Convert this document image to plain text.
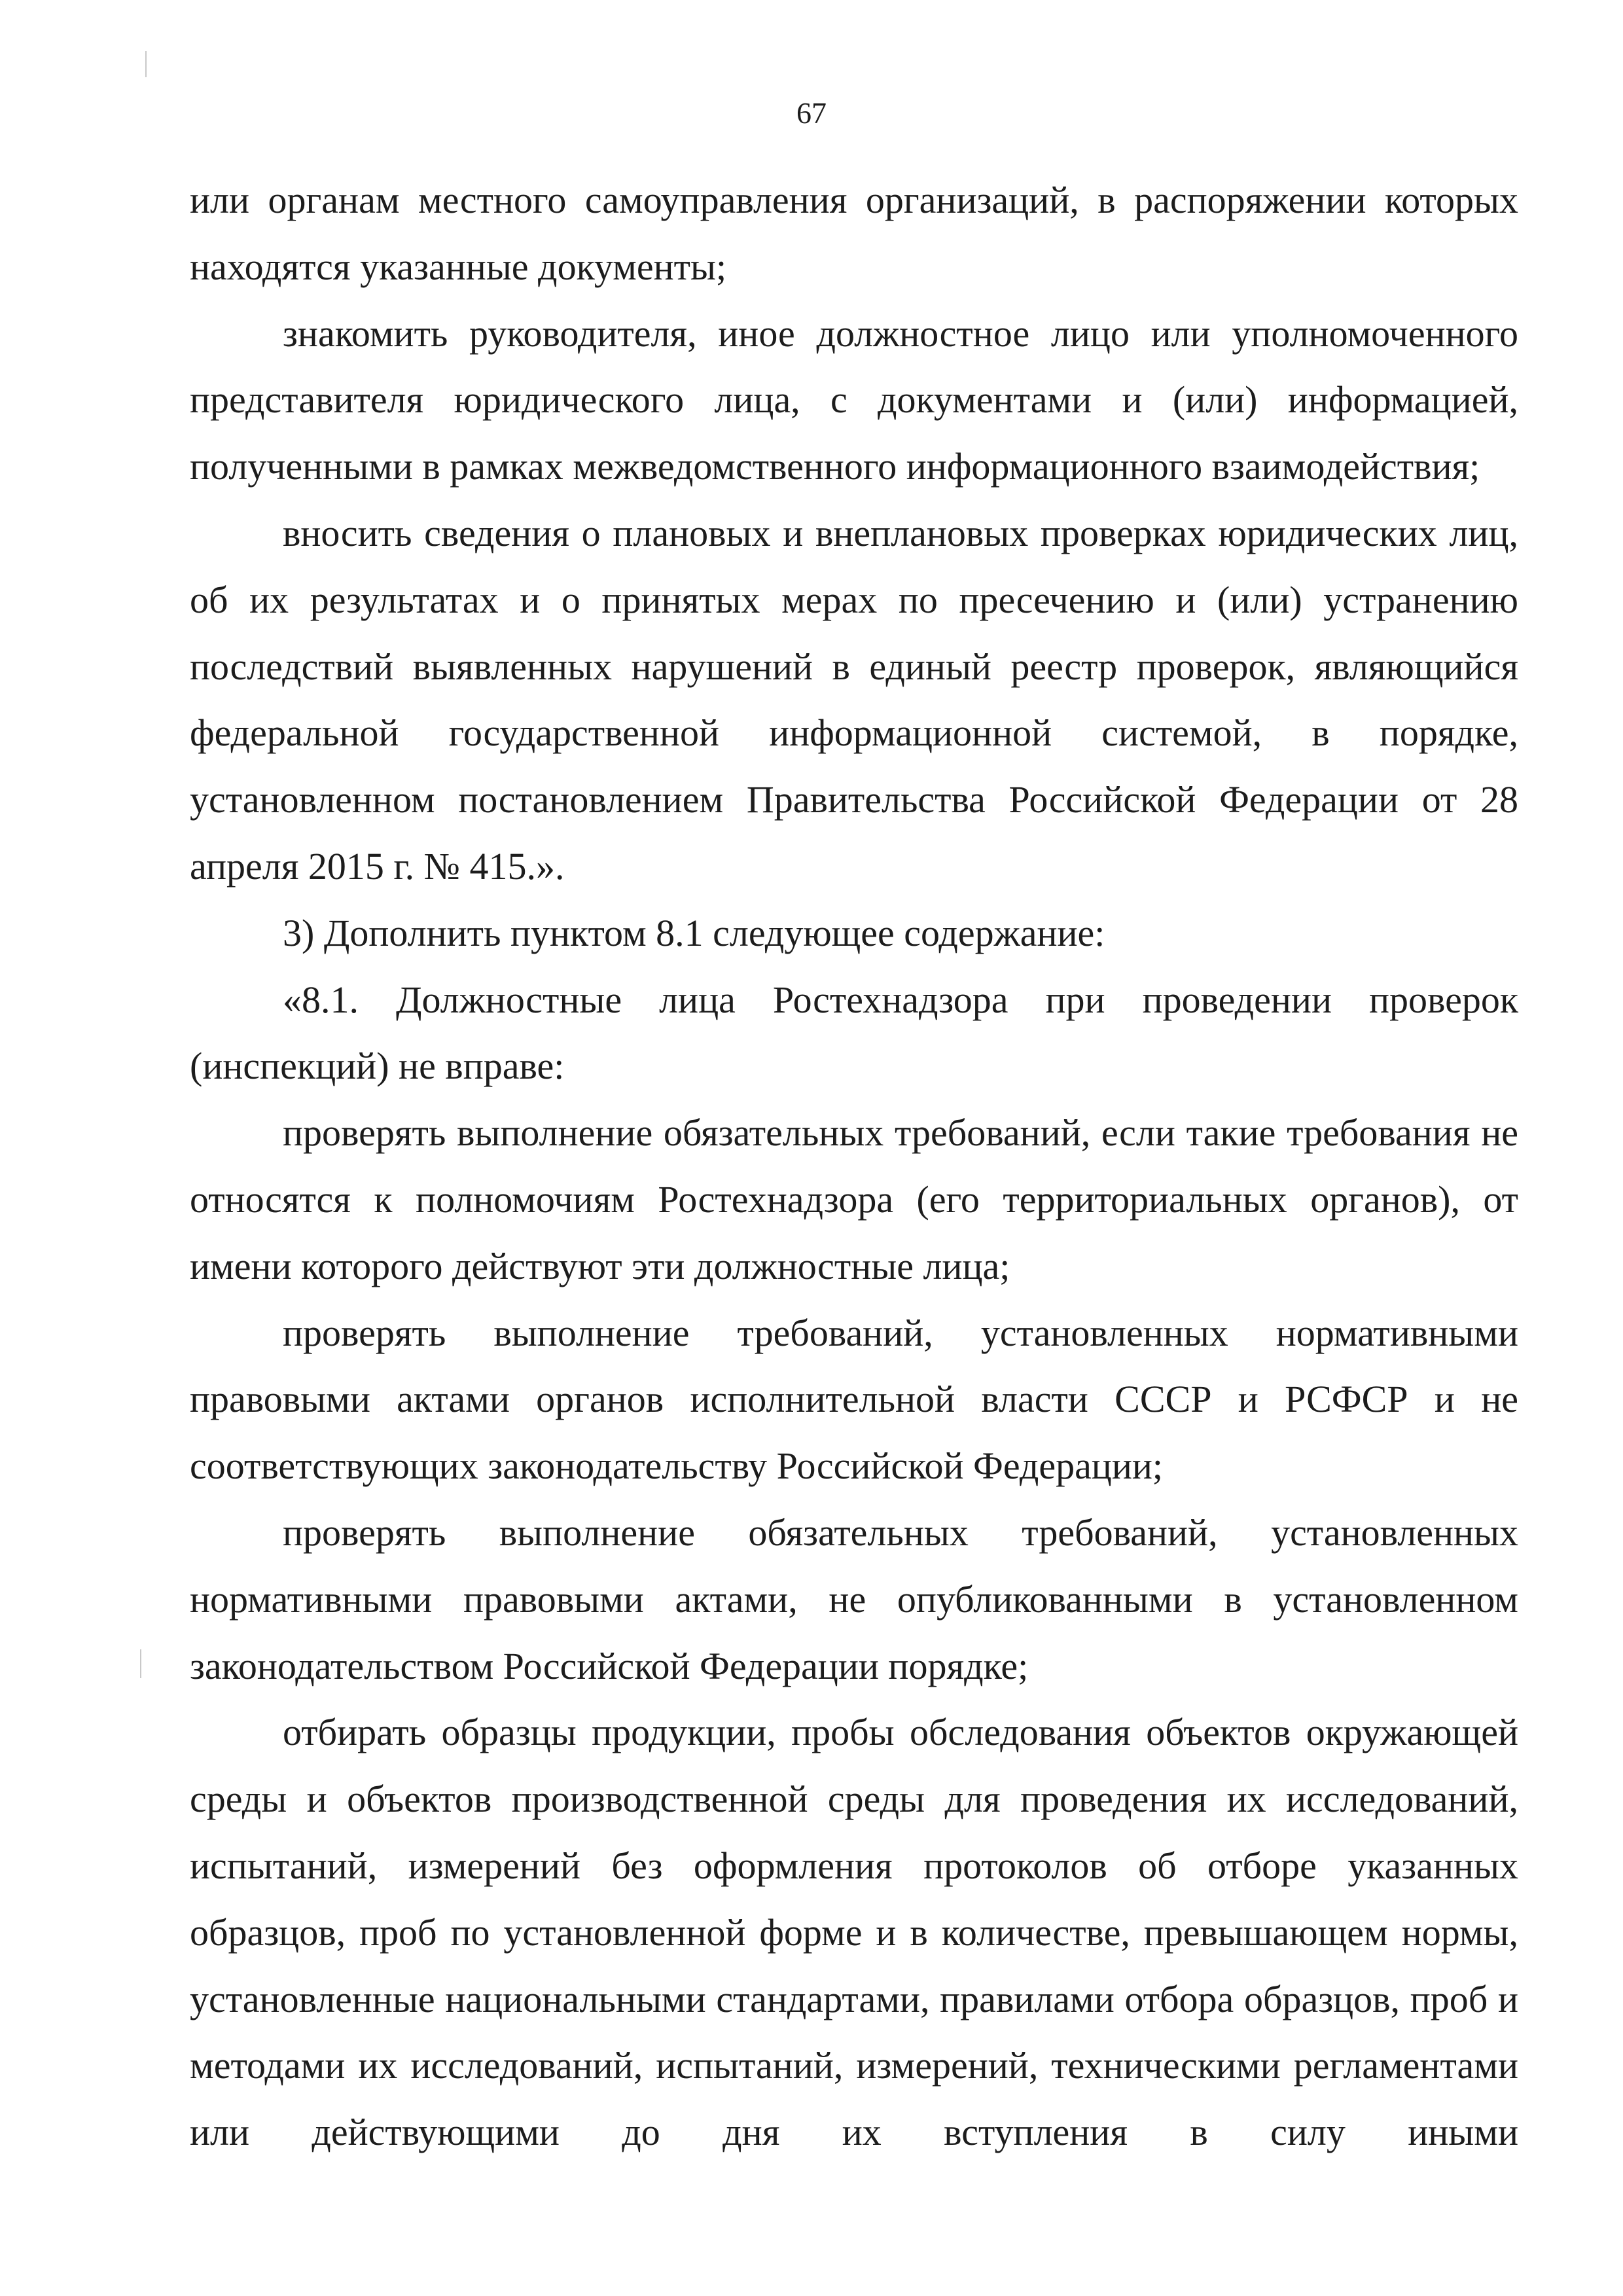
67

или органам местного самоуправления организаций, в распоряжении которых находятся указанные документы;

знакомить руководителя, иное должностное лицо или уполномоченного представителя юридического лица, с документами и (или) информацией, полученными в рамках межведомственного информационного взаимодействия;

вносить сведения о плановых и внеплановых проверках юридических лиц, об их результатах и о принятых мерах по пресечению и (или) устранению последствий выявленных нарушений в единый реестр проверок, являющийся федеральной государственной информационной системой, в порядке, установленном постановлением Правительства Российской Федерации от 28 апреля 2015 г. № 415.».

3) Дополнить пунктом 8.1 следующее содержание:

«8.1. Должностные лица Ростехнадзора при проведении проверок (инспекций) не вправе:

проверять выполнение обязательных требований, если такие требования не относятся к полномочиям Ростехнадзора (его территориальных органов), от имени которого действуют эти должностные лица;

проверять выполнение требований, установленных нормативными правовыми актами органов исполнительной власти СССР и РСФСР и не соответствующих законодательству Российской Федерации;

проверять выполнение обязательных требований, установленных нормативными правовыми актами, не опубликованными в установленном законодательством Российской Федерации порядке;

отбирать образцы продукции, пробы обследования объектов окружающей среды и объектов производственной среды для проведения их исследований, испытаний, измерений без оформления протоколов об отборе указанных образцов, проб по установленной форме и в количестве, превышающем нормы, установленные национальными стандартами, правилами отбора образцов, проб и методами их исследований, испытаний, измерений, техническими регламентами или действующими до дня их вступления в силу иными
